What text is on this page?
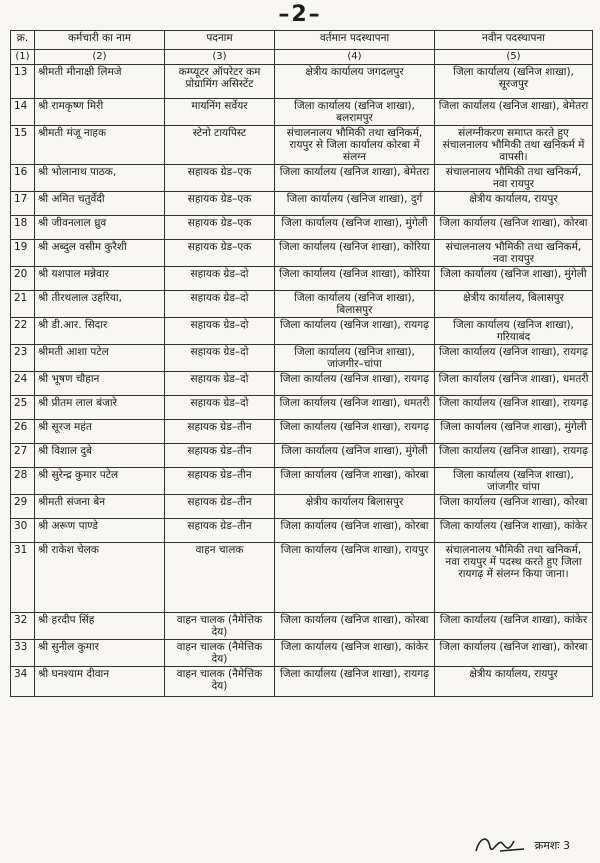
–2–
क्र.	कर्मचारी का नाम	पदनाम	वर्तमान पदस्थापना	नवीन पदस्थापना
(1)	(2)	(3)	(4)	(5)
13	श्रीमती मीनाक्षी लिमजे	कम्प्यूटर ऑपरेटर कम प्रोग्रामिंग असिस्टेंट	क्षेत्रीय कार्यालय जगदलपुर	जिला कार्यालय (खनिज शाखा), सूरजपुर
14	श्री रामकृष्ण मिरी	मायनिंग सर्वेयर	जिला कार्यालय (खनिज शाखा), बलरामपुर	जिला कार्यालय (खनिज शाखा), बेमेतरा
15	श्रीमती मंजू नाहक	स्टेनो टायपिस्ट	संचालनालय भौमिकी तथा खनिकर्म, रायपुर से जिला कार्यालय कोरबा में संलग्न	संलग्नीकरण समाप्त करते हुए संचालनालय भौमिकी तथा खनिकर्म में वापसी।
16	श्री भोलानाथ पाठक,	सहायक ग्रेड–एक	जिला कार्यालय (खनिज शाखा), बेमेतरा	संचालनालय भौमिकी तथा खनिकर्म, नवा रायपुर
17	श्री अमित चतुर्वेदी	सहायक ग्रेड–एक	जिला कार्यालय (खनिज शाखा), दुर्ग	क्षेत्रीय कार्यालय, रायपुर
18	श्री जीवनलाल ध्रुव	सहायक ग्रेड–एक	जिला कार्यालय (खनिज शाखा), मुंगेली	जिला कार्यालय (खनिज शाखा), कोरबा
19	श्री अब्दुल वसीम कुरैशी	सहायक ग्रेड–एक	जिला कार्यालय (खनिज शाखा), कोरिया	संचालनालय भौमिकी तथा खनिकर्म, नवा रायपुर
20	श्री यशपाल मन्नेवार	सहायक ग्रेड–दो	जिला कार्यालय (खनिज शाखा), कोरिया	जिला कार्यालय (खनिज शाखा), मुंगेली
21	श्री तीरथलाल उहरिया,	सहायक ग्रेड–दो	जिला कार्यालय (खनिज शाखा), बिलासपुर	क्षेत्रीय कार्यालय, बिलासपुर
22	श्री डी.आर. सिदार	सहायक ग्रेड–दो	जिला कार्यालय (खनिज शाखा), रायगढ़	जिला कार्यालय (खनिज शाखा), गरियाबंद
23	श्रीमती आशा पटेल	सहायक ग्रेड–दो	जिला कार्यालय (खनिज शाखा), जांजगीर–चांपा	जिला कार्यालय (खनिज शाखा), रायगढ़
24	श्री भूषण चौहान	सहायक ग्रेड–दो	जिला कार्यालय (खनिज शाखा), रायगढ़	जिला कार्यालय (खनिज शाखा), धमतरी
25	श्री प्रीतम लाल बंजारे	सहायक ग्रेड–दो	जिला कार्यालय (खनिज शाखा), धमतरी	जिला कार्यालय (खनिज शाखा), रायगढ़
26	श्री सूरज महंत	सहायक ग्रेड–तीन	जिला कार्यालय (खनिज शाखा), रायगढ़	जिला कार्यालय (खनिज शाखा), मुंगेली
27	श्री विशाल दुबे	सहायक ग्रेड–तीन	जिला कार्यालय (खनिज शाखा), मुंगेली	जिला कार्यालय (खनिज शाखा), रायगढ़
28	श्री सुरेन्द्र कुमार पटेल	सहायक ग्रेड–तीन	जिला कार्यालय (खनिज शाखा), कोरबा	जिला कार्यालय (खनिज शाखा), जांजगीर चांपा
29	श्रीमती संजना बेन	सहायक ग्रेड–तीन	क्षेत्रीय कार्यालय बिलासपुर	जिला कार्यालय (खनिज शाखा), कोरबा
30	श्री अरूण पाण्डे	सहायक ग्रेड–तीन	जिला कार्यालय (खनिज शाखा), कोरबा	जिला कार्यालय (खनिज शाखा), कांकेर
31	श्री राकेश चेलक	वाहन चालक	जिला कार्यालय (खनिज शाखा), रायपुर	संचालनालय भौमिकी तथा खनिकर्म, नवा रायपुर में पदस्थ करते हुए जिला रायगढ़ में संलग्न किया जाना।
32	श्री हरदीप सिंह	वाहन चालक (नैमेत्तिक देय)	जिला कार्यालय (खनिज शाखा), कोरबा	जिला कार्यालय (खनिज शाखा), कांकेर
33	श्री सुनील कुमार	वाहन चालक (नैमेत्तिक देय)	जिला कार्यालय (खनिज शाखा), कांकेर	जिला कार्यालय (खनिज शाखा), कोरबा
34	श्री घनश्याम दीवान	वाहन चालक (नैमेत्तिक देय)	जिला कार्यालय (खनिज शाखा), रायगढ़	क्षेत्रीय कार्यालय, रायपुर
क्रमशः 3
